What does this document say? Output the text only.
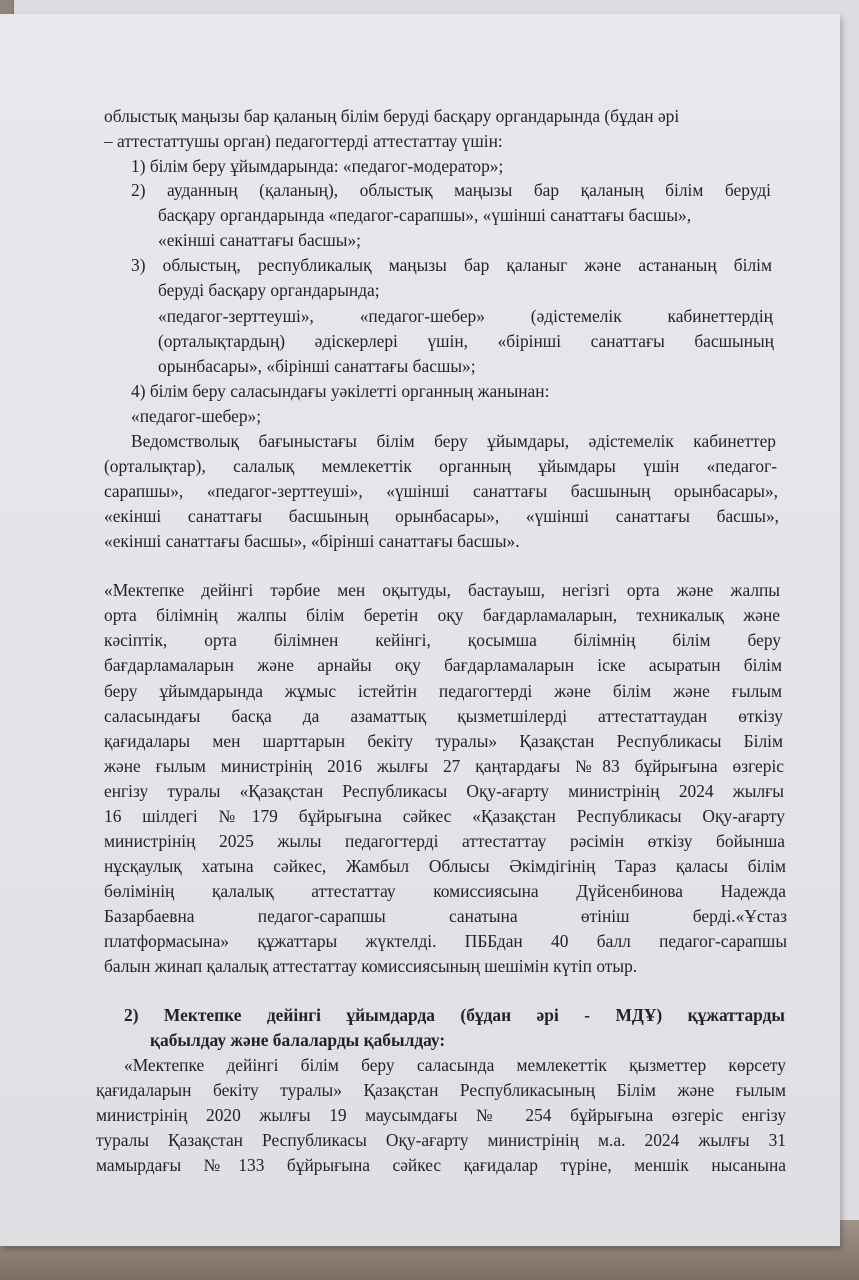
облыстық маңызы бар қаланың білім беруді басқару органдарында (бұдан әрі
– аттестаттушы орган) педагогтерді аттестаттау үшін:
1) білім беру ұйымдарында: «педагог-модератор»;
2) ауданның (қаланың), облыстық маңызы бар қаланың білім беруді
басқару органдарында «педагог-сарапшы», «үшінші санаттағы басшы»,
«екінші санаттағы басшы»;
3) облыстың, республикалық маңызы бар қаланыг және астананың білім
беруді басқару органдарында;
«педагог-зерттеуші», «педагог-шебер» (әдістемелік кабинеттердің
(орталықтардың) әдіскерлері үшін, «бірінші санаттағы басшының
орынбасары», «бірінші санаттағы басшы»;
4) білім беру саласындағы уәкілетті органның жанынан:
«педагог-шебер»;
Ведомстволық бағыныстағы білім беру ұйымдары, әдістемелік кабинеттер
(орталықтар), салалық мемлекеттік органның ұйымдары үшін «педагог-
сарапшы», «педагог-зерттеуші», «үшінші санаттағы басшының орынбасары»,
«екінші санаттағы басшының орынбасары», «үшінші санаттағы басшы»,
«екінші санаттағы басшы», «бірінші санаттағы басшы».
«Мектепке дейінгі тәрбие мен оқытуды, бастауыш, негізгі орта және жалпы
орта білімнің жалпы білім беретін оқу бағдарламаларын, техникалық және
кәсіптік, орта білімнен кейінгі, қосымша білімнің білім беру
бағдарламаларын және арнайы оқу бағдарламаларын іске асыратын білім
беру ұйымдарында жұмыс істейтін педагогтерді және білім және ғылым
саласындағы басқа да азаматтық қызметшілерді аттестаттаудан өткізу
қағидалары мен шарттарын бекіту туралы» Қазақстан Республикасы Білім
және ғылым министрінің 2016 жылғы 27 қаңтардағы №83 бұйрығына өзгеріс
енгізу туралы «Қазақстан Республикасы Оқу-ағарту министрінің 2024 жылғы
16 шілдегі №179 бұйрығына сәйкес «Қазақстан Республикасы Оқу-ағарту
министрінің 2025 жылы педагогтерді аттестаттау рәсімін өткізу бойынша
нұсқаулық хатына сәйкес, Жамбыл Облысы Әкімдігінің Тараз қаласы білім
бөлімінің қалалық аттестаттау комиссиясына Дүйсенбинова Надежда
Базарбаевна педагог-сарапшы санатына өтініш берді.«Ұстаз
платформасына» құжаттары жүктелді. ПББдан 40 балл педагог-сарапшы
балын жинап қалалық аттестаттау комиссиясының шешімін күтіп отыр.
2) Мектепке дейінгі ұйымдарда (бұдан әрі - МДҰ) құжаттарды
қабылдау және балаларды қабылдау:
«Мектепке дейінгі білім беру саласында мемлекеттік қызметтер көрсету
қағидаларын бекіту туралы» Қазақстан Республикасының Білім және ғылым
министрінің 2020 жылғы 19 маусымдағы № 254 бұйрығына өзгеріс енгізу
туралы Қазақстан Республикасы Оқу-ағарту министрінің м.а. 2024 жылғы 31
мамырдағы №133 бұйрығына сәйкес қағидалар түріне, меншік нысанына
